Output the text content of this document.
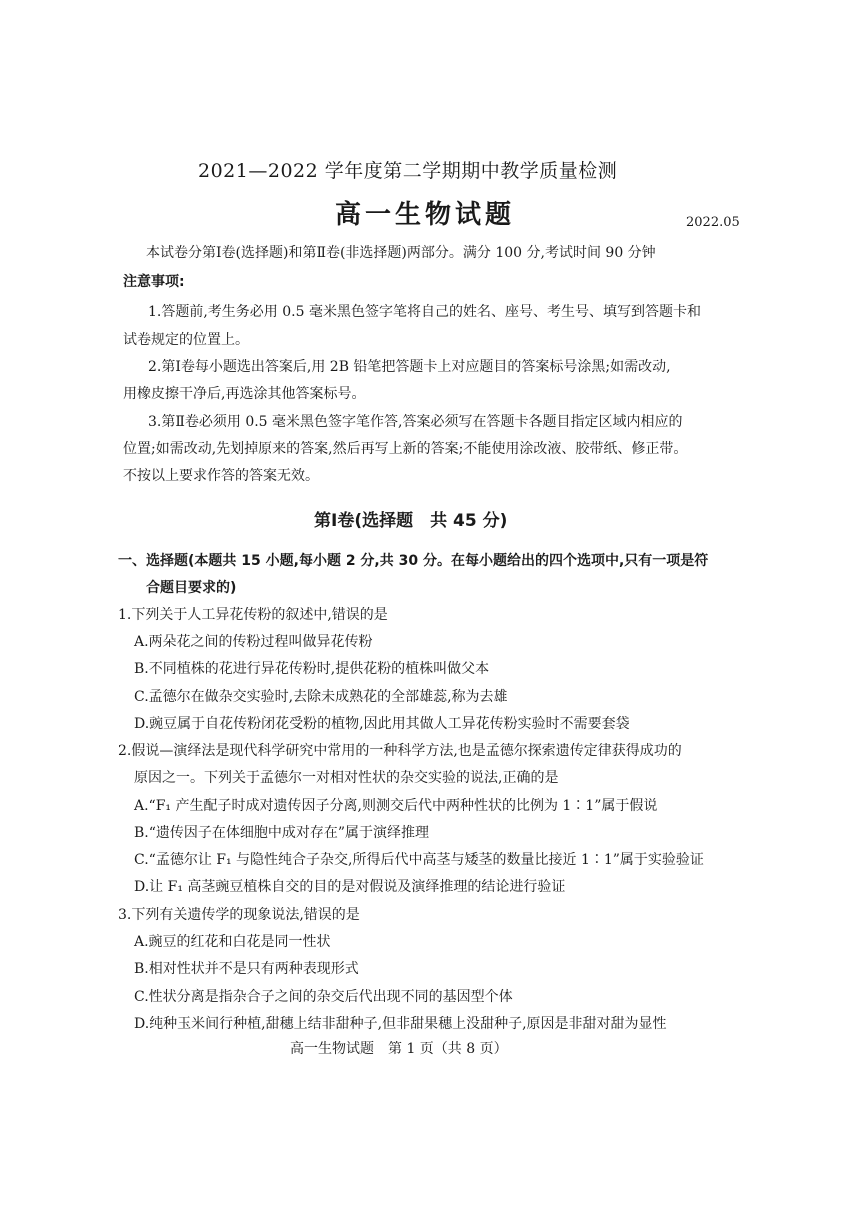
2021—2022 学年度第二学期期中教学质量检测
高一生物试题	2022.05
本试卷分第Ⅰ卷(选择题)和第Ⅱ卷(非选择题)两部分。满分 100 分,考试时间 90 分钟
注意事项:
1.答题前,考生务必用 0.5 毫米黑色签字笔将自己的姓名、座号、考生号、填写到答题卡和
试卷规定的位置上。
2.第Ⅰ卷每小题选出答案后,用 2B 铅笔把答题卡上对应题目的答案标号涂黑;如需改动,
用橡皮擦干净后,再选涂其他答案标号。
3.第Ⅱ卷必须用 0.5 毫米黑色签字笔作答,答案必须写在答题卡各题目指定区域内相应的
位置;如需改动,先划掉原来的答案,然后再写上新的答案;不能使用涂改液、胶带纸、修正带。
不按以上要求作答的答案无效。
第Ⅰ卷(选择题　共 45 分)
一、选择题(本题共 15 小题,每小题 2 分,共 30 分。在每小题给出的四个选项中,只有一项是符
合题目要求的)
1.下列关于人工异花传粉的叙述中,错误的是
A.两朵花之间的传粉过程叫做异花传粉
B.不同植株的花进行异花传粉时,提供花粉的植株叫做父本
C.孟德尔在做杂交实验时,去除未成熟花的全部雄蕊,称为去雄
D.豌豆属于自花传粉闭花受粉的植物,因此用其做人工异花传粉实验时不需要套袋
2.假说—演绎法是现代科学研究中常用的一种科学方法,也是孟德尔探索遗传定律获得成功的
原因之一。下列关于孟德尔一对相对性状的杂交实验的说法,正确的是
A.“F₁ 产生配子时成对遗传因子分离,则测交后代中两种性状的比例为 1∶1”属于假说
B.“遗传因子在体细胞中成对存在”属于演绎推理
C.“孟德尔让 F₁ 与隐性纯合子杂交,所得后代中高茎与矮茎的数量比接近 1∶1”属于实验验证
D.让 F₁ 高茎豌豆植株自交的目的是对假说及演绎推理的结论进行验证
3.下列有关遗传学的现象说法,错误的是
A.豌豆的红花和白花是同一性状
B.相对性状并不是只有两种表现形式
C.性状分离是指杂合子之间的杂交后代出现不同的基因型个体
D.纯种玉米间行种植,甜穗上结非甜种子,但非甜果穗上没甜种子,原因是非甜对甜为显性
高一生物试题　第 1 页（共 8 页）
